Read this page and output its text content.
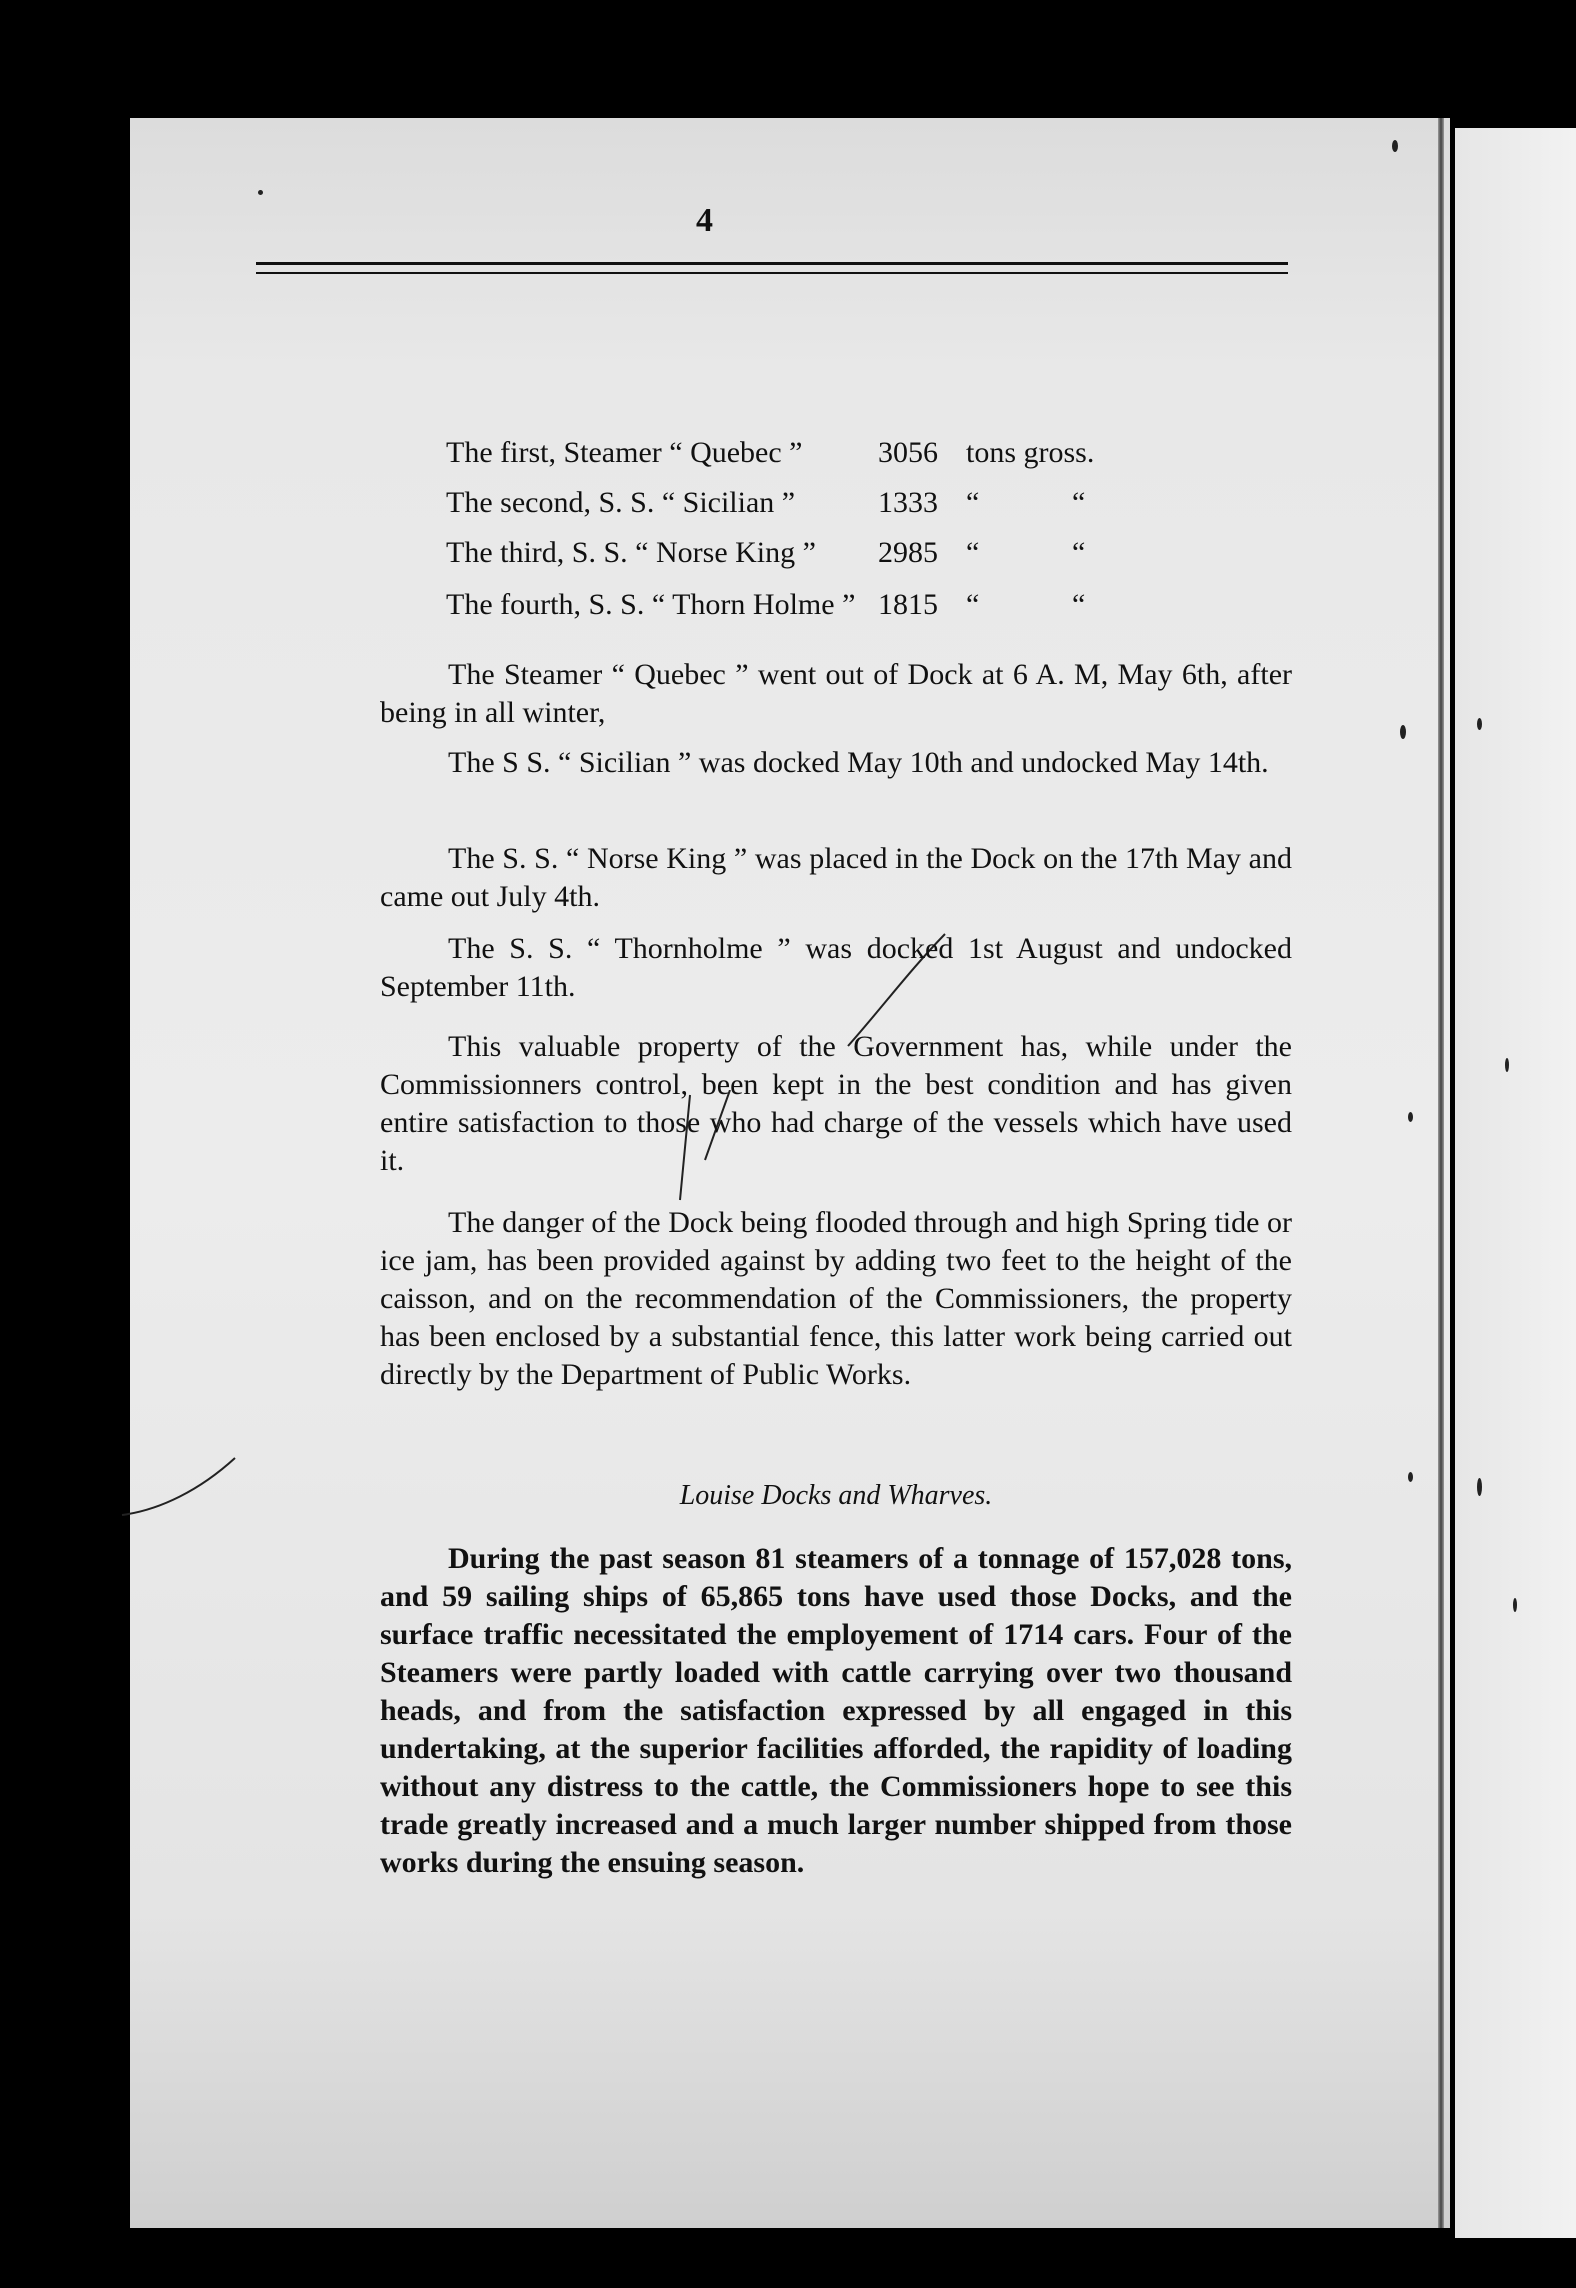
4
The first, Steamer “ Quebec ”	3056 tons gross.
The second, S. S. “ Sicilian ”	1333 “	“
The third, S. S. “ Norse King ” 2985 “	“
The fourth, S. S. “ Thorn Holme ” 1815 “	“

The Steamer “ Quebec ” went out of Dock at 6 A. M, May 6th, after being in all winter,

The S S. “ Sicilian ” was docked May 10th and undocked May 14th.

The S. S. “ Norse King ” was placed in the Dock on the 17th May and came out July 4th.

The S. S. “ Thornholme ” was docked 1st August and undocked September 11th.

This valuable property of the Government has, while under the Commissionners control, been kept in the best condition and has given entire satisfaction to those who had charge of the vessels which have used it.

The danger of the Dock being flooded through and high Spring tide or ice jam, has been provided against by adding two feet to the height of the caisson, and on the recommendation of the Commissioners, the property has been enclosed by a substantial fence, this latter work being carried out directly by the Department of Public Works.

Louise Docks and Wharves.

During the past season 81 steamers of a tonnage of 157,028 tons, and 59 sailing ships of 65,865 tons have used those Docks, and the surface traffic necessitated the employement of 1714 cars. Four of the Steamers were partly loaded with cattle carrying over two thousand heads, and from the satisfaction expressed by all engaged in this undertaking, at the superior facilities afforded, the rapidity of loading without any distress to the cattle, the Commissioners hope to see this trade greatly increased and a much larger number shipped from those works during the ensuing season.
